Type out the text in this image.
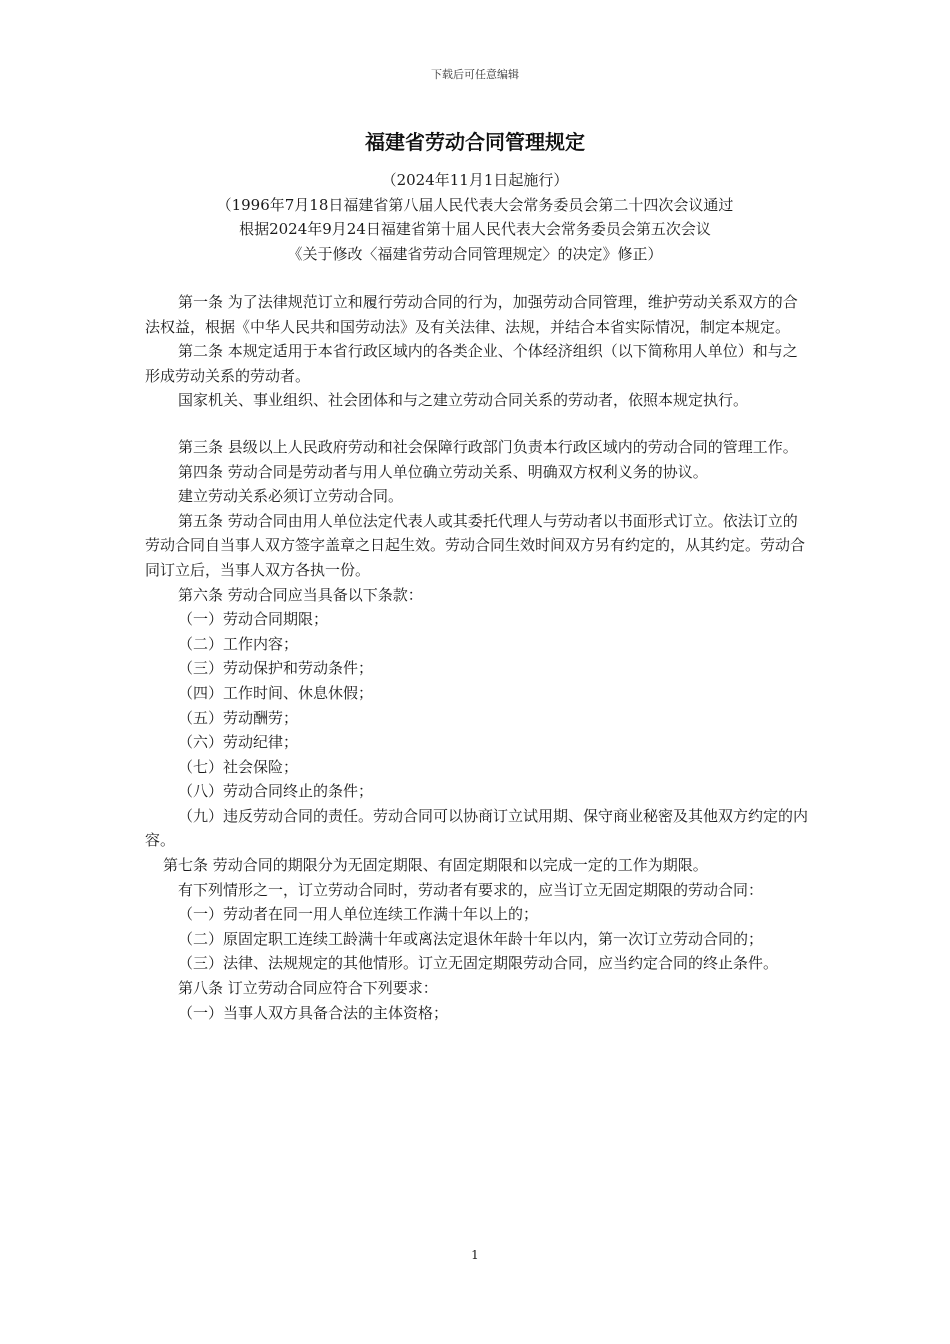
下载后可任意编辑
福建省劳动合同管理规定
（2024年11月1日起施行）
（1996年7月18日福建省第八届人民代表大会常务委员会第二十四次会议通过
根据2024年9月24日福建省第十届人民代表大会常务委员会第五次会议
《关于修改〈福建省劳动合同管理规定〉的决定》修正）

第一条 为了法律规范订立和履行劳动合同的行为，加强劳动合同管理，维护劳动关系双方的合法权益，根据《中华人民共和国劳动法》及有关法律、法规，并结合本省实际情况，制定本规定。

第二条 本规定适用于本省行政区域内的各类企业、个体经济组织（以下简称用人单位）和与之形成劳动关系的劳动者。

国家机关、事业组织、社会团体和与之建立劳动合同关系的劳动者，依照本规定执行。

第三条 县级以上人民政府劳动和社会保障行政部门负责本行政区域内的劳动合同的管理工作。

第四条 劳动合同是劳动者与用人单位确立劳动关系、明确双方权利义务的协议。

建立劳动关系必须订立劳动合同。

第五条 劳动合同由用人单位法定代表人或其委托代理人与劳动者以书面形式订立。依法订立的劳动合同自当事人双方签字盖章之日起生效。劳动合同生效时间双方另有约定的，从其约定。劳动合同订立后，当事人双方各执一份。

第六条 劳动合同应当具备以下条款：

（一）劳动合同期限；

（二）工作内容；

（三）劳动保护和劳动条件；

（四）工作时间、休息休假；

（五）劳动酬劳；

（六）劳动纪律；

（七）社会保险；

（八）劳动合同终止的条件；

（九）违反劳动合同的责任。劳动合同可以协商订立试用期、保守商业秘密及其他双方约定的内容。

第七条 劳动合同的期限分为无固定期限、有固定期限和以完成一定的工作为期限。

有下列情形之一，订立劳动合同时，劳动者有要求的，应当订立无固定期限的劳动合同：

（一）劳动者在同一用人单位连续工作满十年以上的；

（二）原固定职工连续工龄满十年或离法定退休年龄十年以内，第一次订立劳动合同的；

（三）法律、法规规定的其他情形。订立无固定期限劳动合同，应当约定合同的终止条件。

第八条 订立劳动合同应符合下列要求：

（一）当事人双方具备合法的主体资格；

1
